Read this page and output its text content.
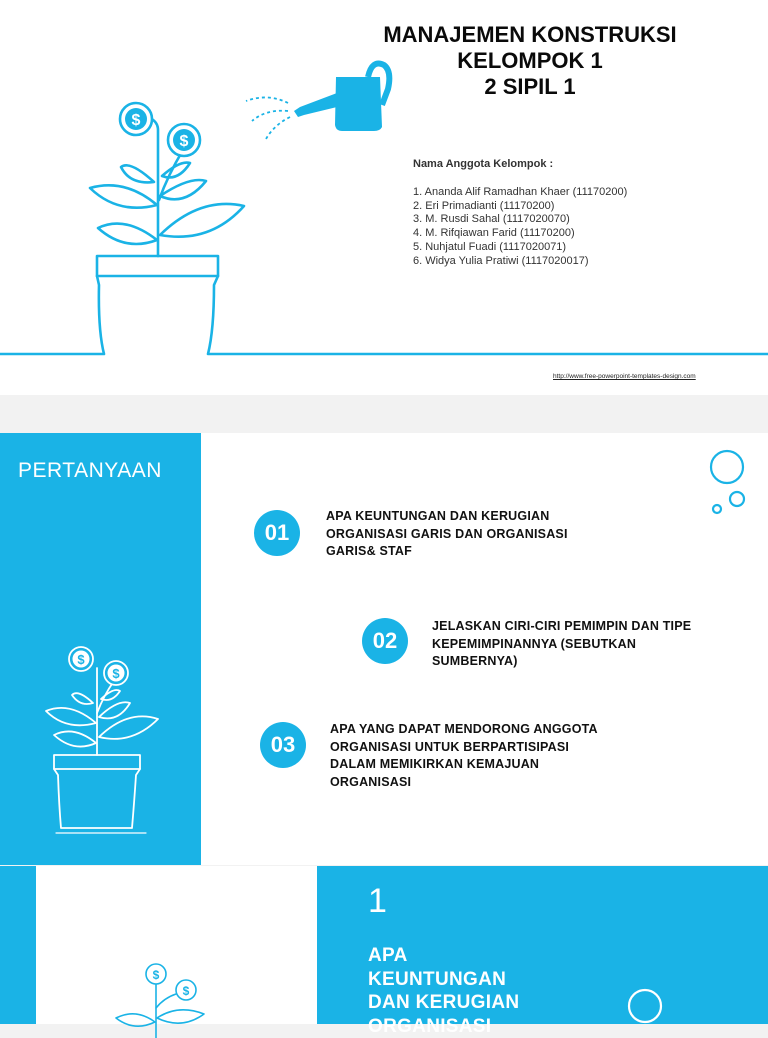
$
$
MANAJEMEN KONSTRUKSI
KELOMPOK 1
2 SIPIL 1
Nama Anggota Kelompok :
1. Ananda Alif Ramadhan Khaer (11170200)
2. Eri Primadianti (11170200)
3. M. Rusdi Sahal (1117020070)
4. M. Rifqiawan Farid (11170200)
5. Nuhjatul Fuadi (1117020071)
6. Widya Yulia Pratiwi (1117020017)
http://www.free-powerpoint-templates-design.com
PERTANYAAN
$
$
01
APA KEUNTUNGAN DAN KERUGIAN
ORGANISASI GARIS DAN ORGANISASI
GARIS& STAF
02
JELASKAN CIRI-CIRI PEMIMPIN DAN TIPE
KEPEMIMPINANNYA (SEBUTKAN
SUMBERNYA)
03
APA YANG DAPAT MENDORONG ANGGOTA
ORGANISASI UNTUK BERPARTISIPASI
DALAM MEMIKIRKAN KEMAJUAN
ORGANISASI
$
$
1
APA
KEUNTUNGAN
DAN KERUGIAN
ORGANISASI
